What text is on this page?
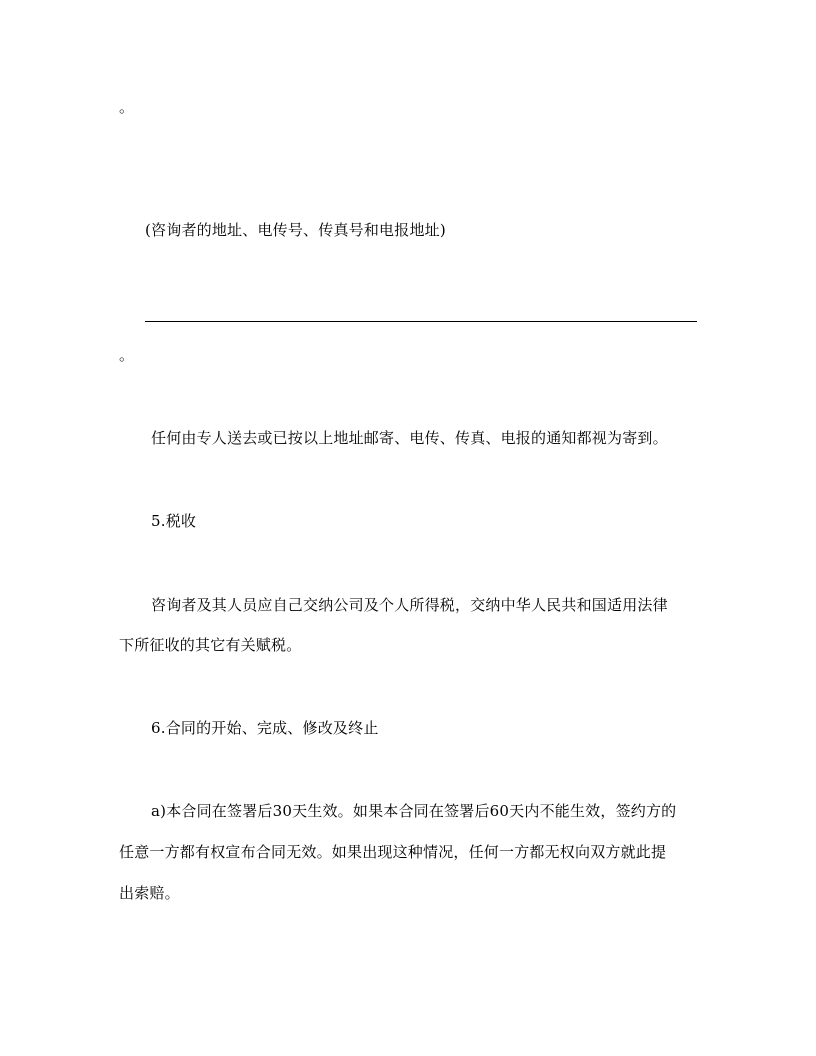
。
(咨询者的地址、电传号、传真号和电报地址)
。
任何由专人送去或已按以上地址邮寄、电传、传真、电报的通知都视为寄到。
5.税收
咨询者及其人员应自己交纳公司及个人所得税，交纳中华人民共和国适用法律
下所征收的其它有关赋税。
6.合同的开始、完成、修改及终止
a)本合同在签署后30天生效。如果本合同在签署后60天内不能生效，签约方的
任意一方都有权宣布合同无效。如果出现这种情况，任何一方都无权向双方就此提
出索赔。
